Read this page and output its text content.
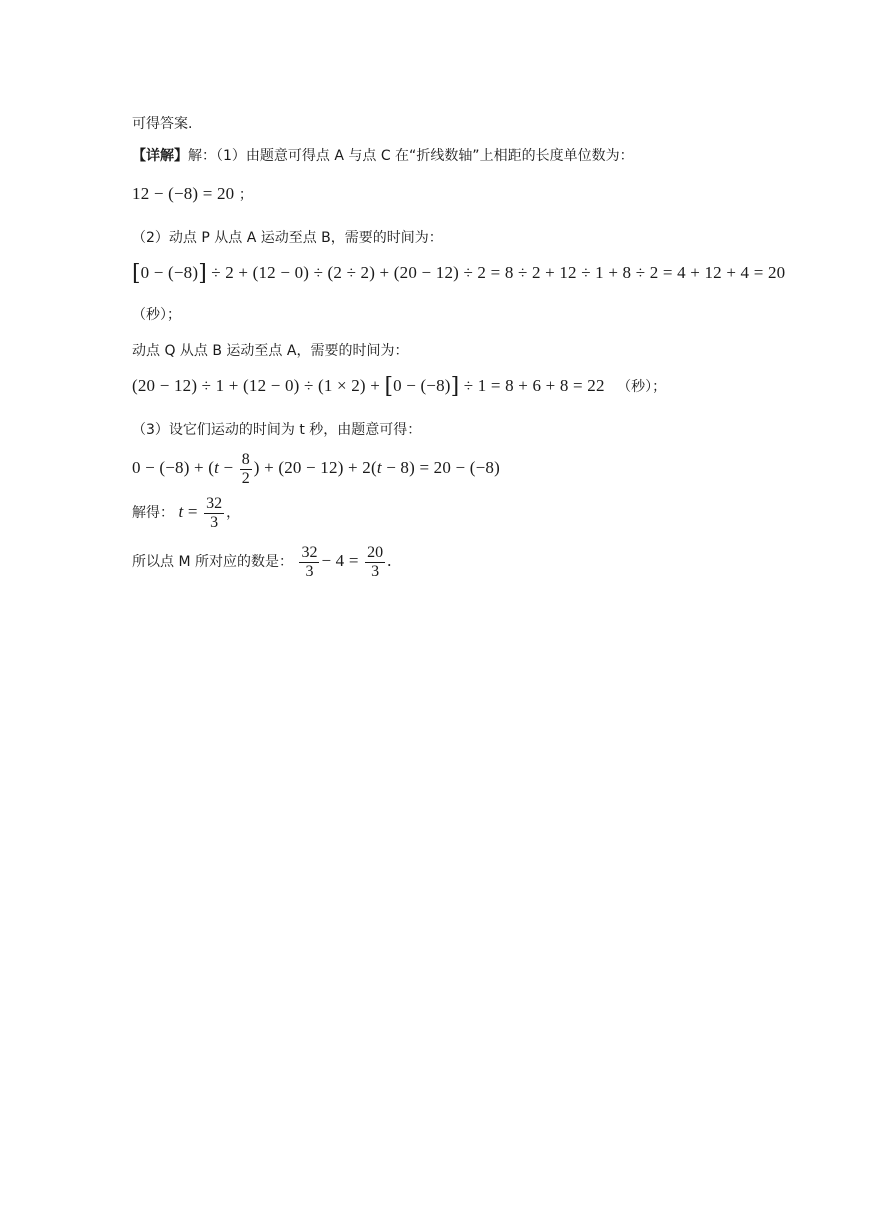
可得答案.
【详解】解：（1）由题意可得点 A 与点 C 在“折线数轴”上相距的长度单位数为：
12 − (−8) = 20 ；
（2）动点 P 从点 A 运动至点 B，需要的时间为：
[0 − (−8)] ÷ 2 + (12 − 0) ÷ (2 ÷ 2) + (20 − 12) ÷ 2 = 8 ÷ 2 + 12 ÷ 1 + 8 ÷ 2 = 4 + 12 + 4 = 20
（秒）；
动点 Q 从点 B 运动至点 A，需要的时间为：
(20 − 12) ÷ 1 + (12 − 0) ÷ (1 × 2) + [0 − (−8)] ÷ 1 = 8 + 6 + 8 = 22 （秒）；
（3）设它们运动的时间为 t 秒，由题意可得：
$0 - (-8) + (t - \frac{8}{2}$ ) + (20 − 12) + 2(t − 8) = 20 − (−8)
解得： $t = \frac{32}{3}$ ，
所以点 M 所对应的数是： $\frac{32}{3} - 4 = \frac{20}{3}$ .
